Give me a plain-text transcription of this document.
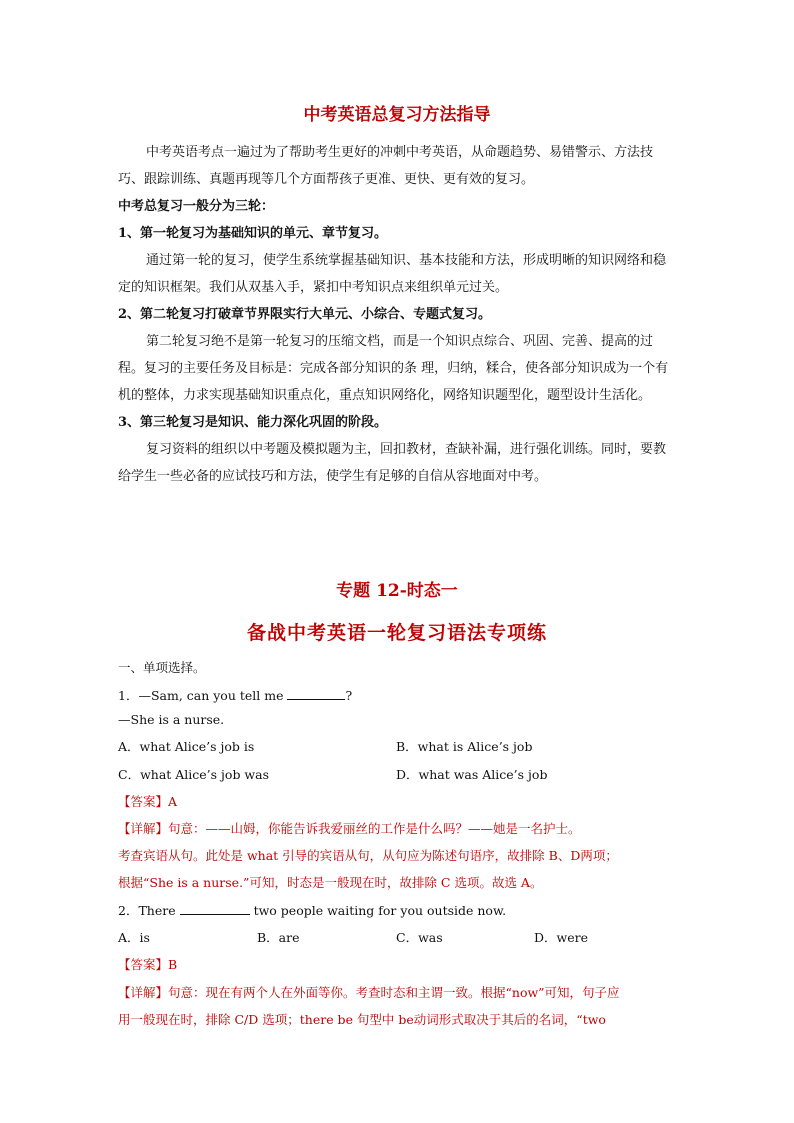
中考英语总复习方法指导

中考英语考点一遍过为了帮助考生更好的冲刺中考英语，从命题趋势、易错警示、方法技巧、跟踪训练、真题再现等几个方面帮孩子更准、更快、更有效的复习。

中考总复习一般分为三轮：

1、第一轮复习为基础知识的单元、章节复习。

通过第一轮的复习，使学生系统掌握基础知识、基本技能和方法，形成明晰的知识网络和稳定的知识框架。我们从双基入手，紧扣中考知识点来组织单元过关。

2、第二轮复习打破章节界限实行大单元、小综合、专题式复习。

第二轮复习绝不是第一轮复习的压缩文档，而是一个知识点综合、巩固、完善、提高的过程。复习的主要任务及目标是：完成各部分知识的条 理，归纳，糅合，使各部分知识成为一个有机的整体，力求实现基础知识重点化，重点知识网络化，网络知识题型化，题型设计生活化。

3、第三轮复习是知识、能力深化巩固的阶段。

复习资料的组织以中考题及模拟题为主，回扣教材，查缺补漏，进行强化训练。同时，要教给学生一些必备的应试技巧和方法，使学生有足够的自信从容地面对中考。

专题 12-时态一
备战中考英语一轮复习语法专项练
一、单项选择。
1．—Sam, can you tell me	?
—She is a nurse.
A．what Alice’s job is	B．what is Alice’s job
C．what Alice’s job was	D．what was Alice’s job
【答案】A
【详解】句意：——山姆，你能告诉我爱丽丝的工作是什么吗？——她是一名护士。
考查宾语从句。此处是 what 引导的宾语从句，从句应为陈述句语序，故排除 B、D两项；
根据“She is a nurse.”可知，时态是一般现在时，故排除 C 选项。故选 A。
2．There	two people waiting for you outside now.
A．is	B．are	C．was	D．were
【答案】B
【详解】句意：现在有两个人在外面等你。考查时态和主谓一致。根据“now”可知，句子应
用一般现在时，排除 C/D 选项；there be 句型中 be动词形式取决于其后的名词，“two
